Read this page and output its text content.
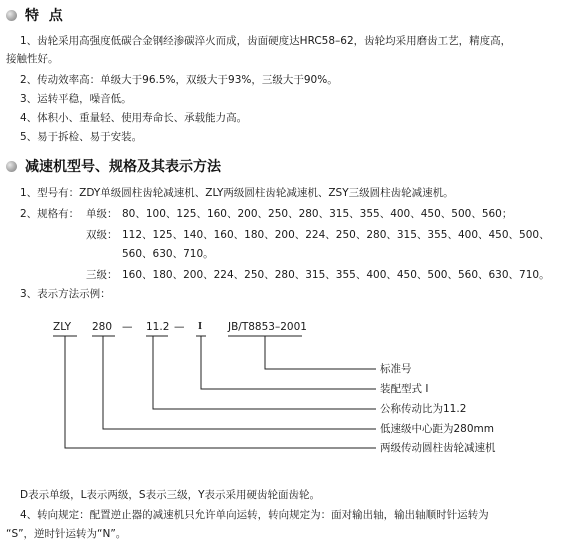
特  点
1、齿轮采用高强度低碳合金钢经渗碳淬火而成，齿面硬度达HRC58–62，齿轮均采用磨齿工艺，精度高，
接触性好。
2、传动效率高：单级大于96.5%，双级大于93%，三级大于90%。
3、运转平稳，噪音低。
4、体积小、重量轻、使用寿命长、承载能力高。
5、易于拆检、易于安装。
减速机型号、规格及其表示方法
1、型号有：ZDY单级圆柱齿轮减速机、ZLY两级圆柱齿轮减速机、ZSY三级圆柱齿轮减速机。
2、规格有： 单级： 80、100、125、160、200、250、280、315、355、400、450、500、560；
双级： 112、125、140、160、180、200、224、250、280、315、355、400、450、500、
560、630、710。
三级： 160、180、200、224、250、280、315、355、400、450、500、560、630、710。
3、表示方法示例：
ZLY 280 — 11.2 — I JB/T8853–2001
标准号
装配型式 I
公称传动比为11.2
低速级中心距为280mm
两级传动圆柱齿轮减速机
D表示单级，L表示两级，S表示三级，Y表示采用硬齿轮面齿轮。
4、转向规定：配置逆止器的减速机只允许单向运转，转向规定为：面对输出轴，输出轴顺时针运转为
“S”，逆时针运转为“N”。
